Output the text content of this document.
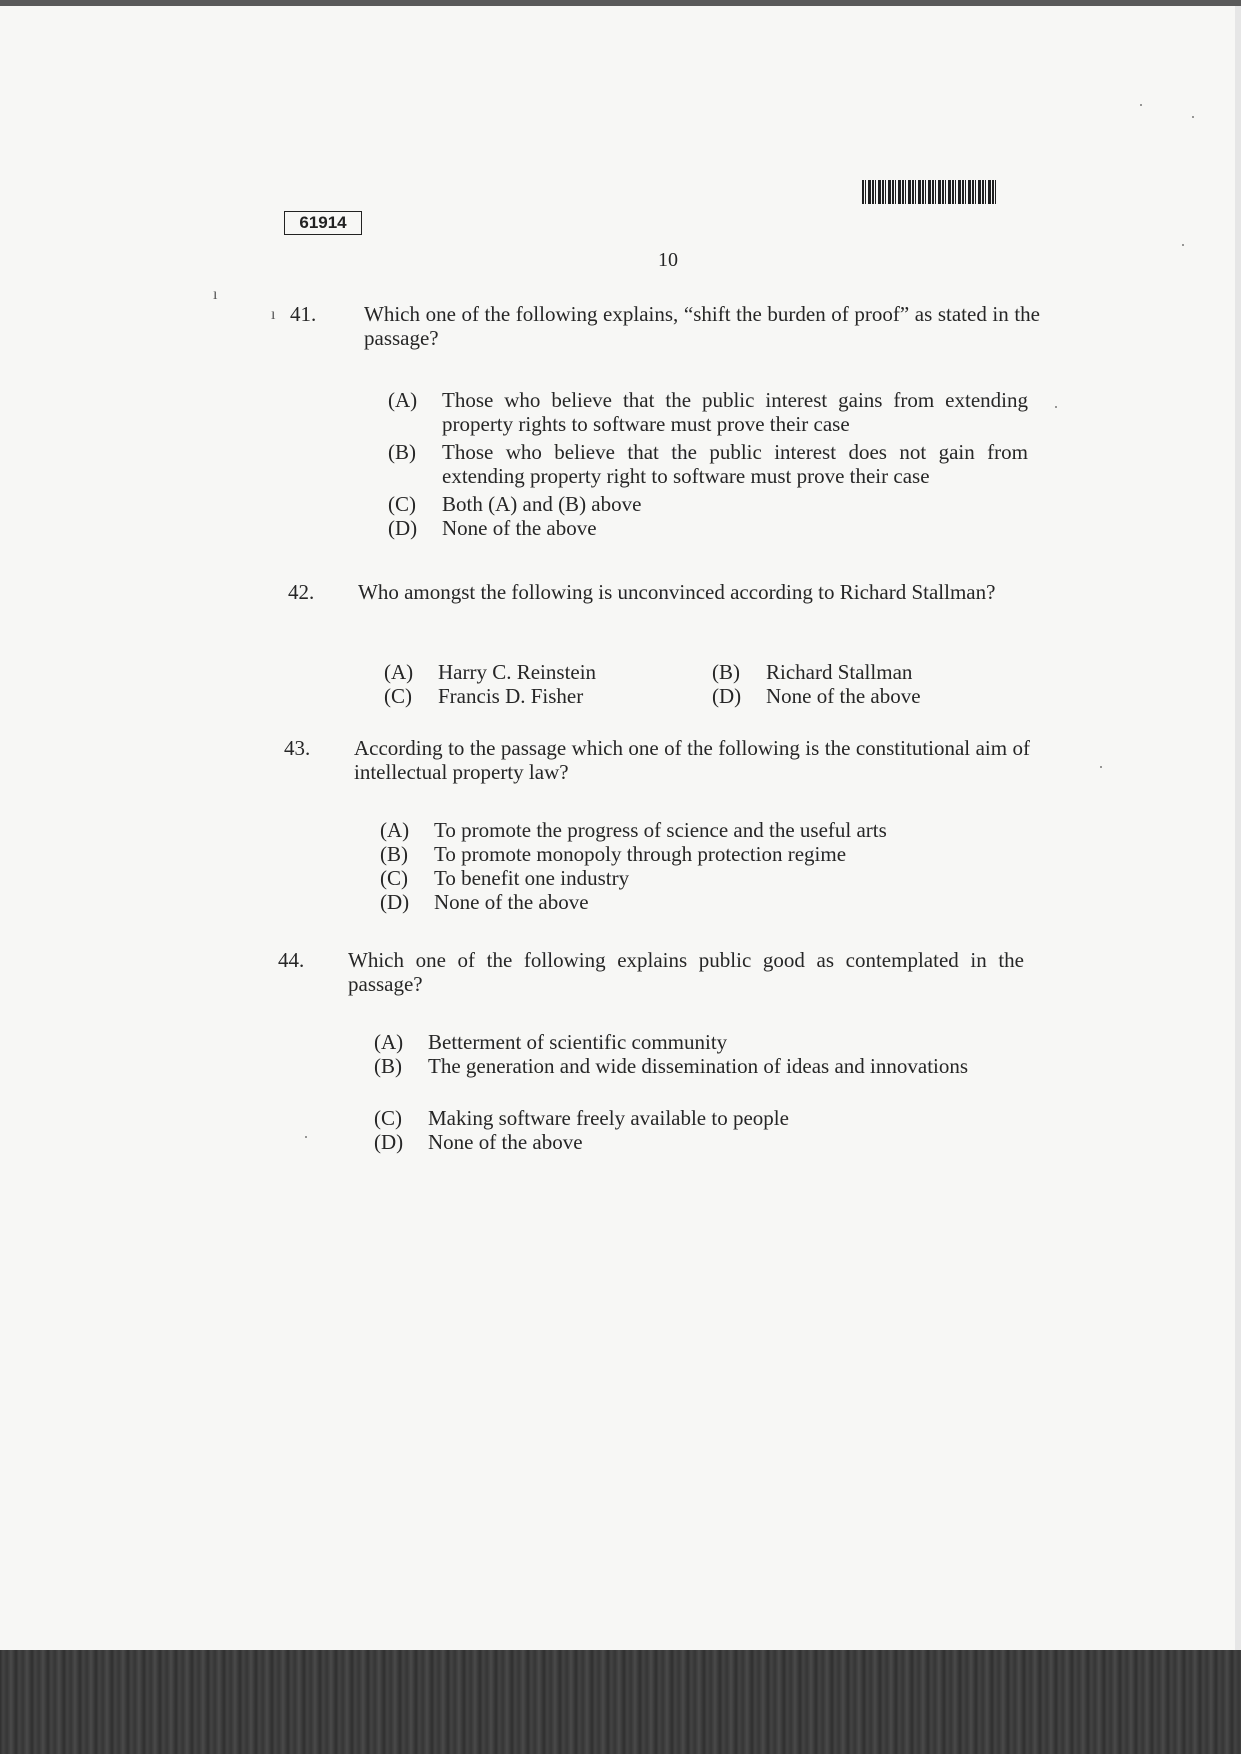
61914
10
ı
ı 41. Which one of the following explains, “shift the burden of proof” as stated in the passage?
(A) Those who believe that the public interest gains from extending property rights to software must prove their case
(B) Those who believe that the public interest does not gain from extending property right to software must prove their case
(C) Both (A) and (B) above
(D) None of the above
42. Who amongst the following is unconvinced according to Richard Stallman?
(A) Harry C. Reinstein	(B) Richard Stallman
(C) Francis D. Fisher	(D) None of the above
43. According to the passage which one of the following is the constitutional aim of intellectual property law?
(A) To promote the progress of science and the useful arts
(B) To promote monopoly through protection regime
(C) To benefit one industry
(D) None of the above
44. Which one of the following explains public good as contemplated in the passage?
(A) Betterment of scientific community
(B) The generation and wide dissemination of ideas and innovations
(C) Making software freely available to people
(D) None of the above
